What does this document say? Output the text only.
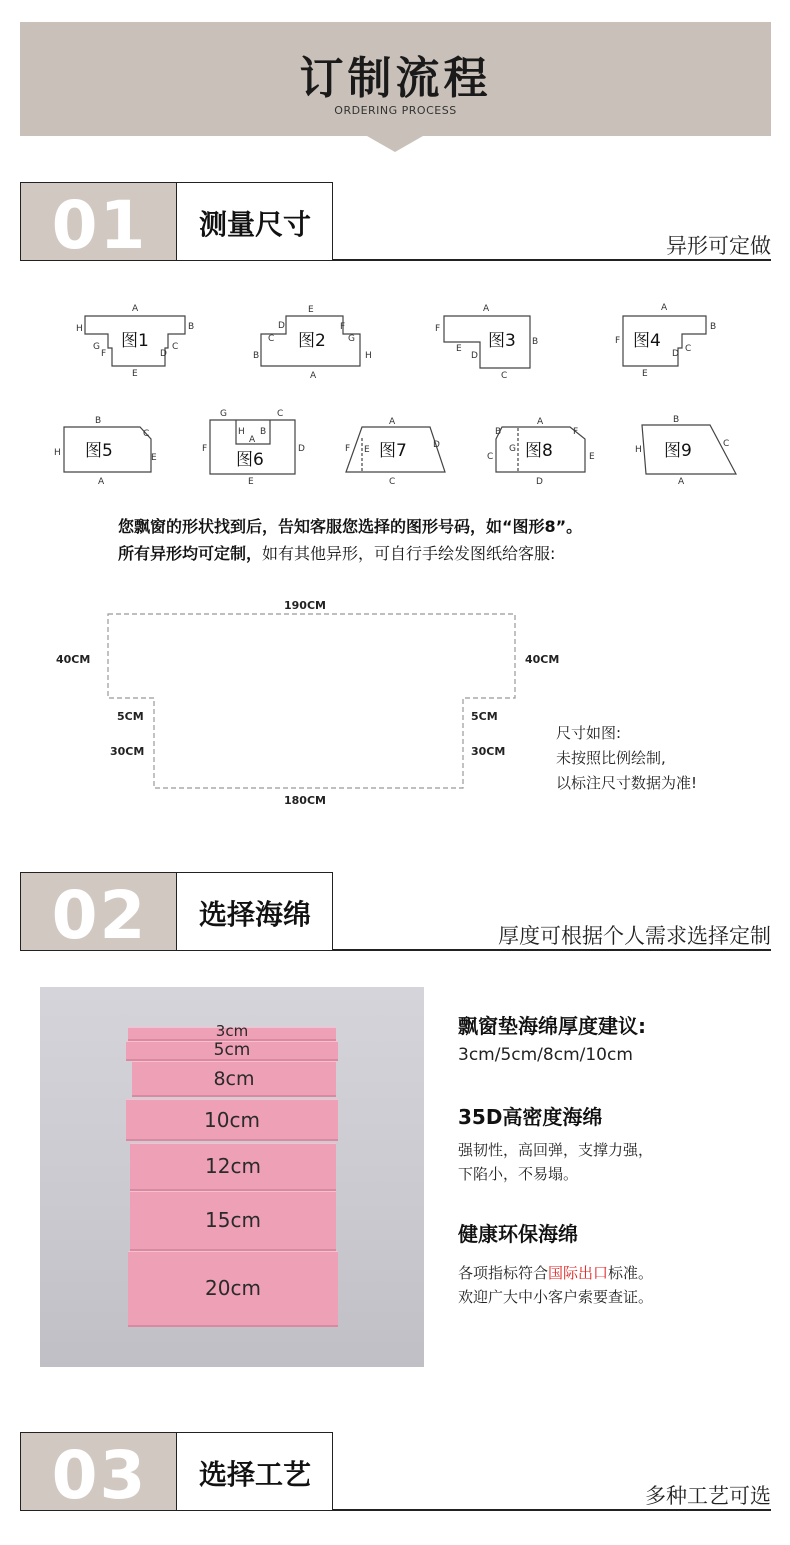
订制流程
ORDERING PROCESS
01	测量尺寸
异形可定做
A
B
H
C
D
G
F
E
E
D
C
F
G
B	H
A
A
F
B
E
D
C
A
B
F
C
D
E
B
C
H	E
A
G	C
F	D
H
A
B
E
A
F E	D
C
A
B	F
C
G
E
D
B
H
C
A
图1	图2	图3	图4
图5	图6	图7	图8	图9
您飘窗的形状找到后，告知客服您选择的图形号码，如“图形8”。
所有异形均可定制，如有其他异形，可自行手绘发图纸给客服:
190CM
180CM
40CM	40CM
5CM	5CM
30CM	30CM
尺寸如图:
未按照比例绘制,
以标注尺寸数据为准!
02	选择海绵
厚度可根据个人需求选择定制
3cm
5cm
8cm
10cm
12cm
15cm
20cm
飘窗垫海绵厚度建议:
3cm/5cm/8cm/10cm
35D高密度海绵
强韧性，高回弹，支撑力强，
下陷小，不易塌。
健康环保海绵
各项指标符合国际出口标准。
欢迎广大中小客户索要查证。
03	选择工艺
多种工艺可选
